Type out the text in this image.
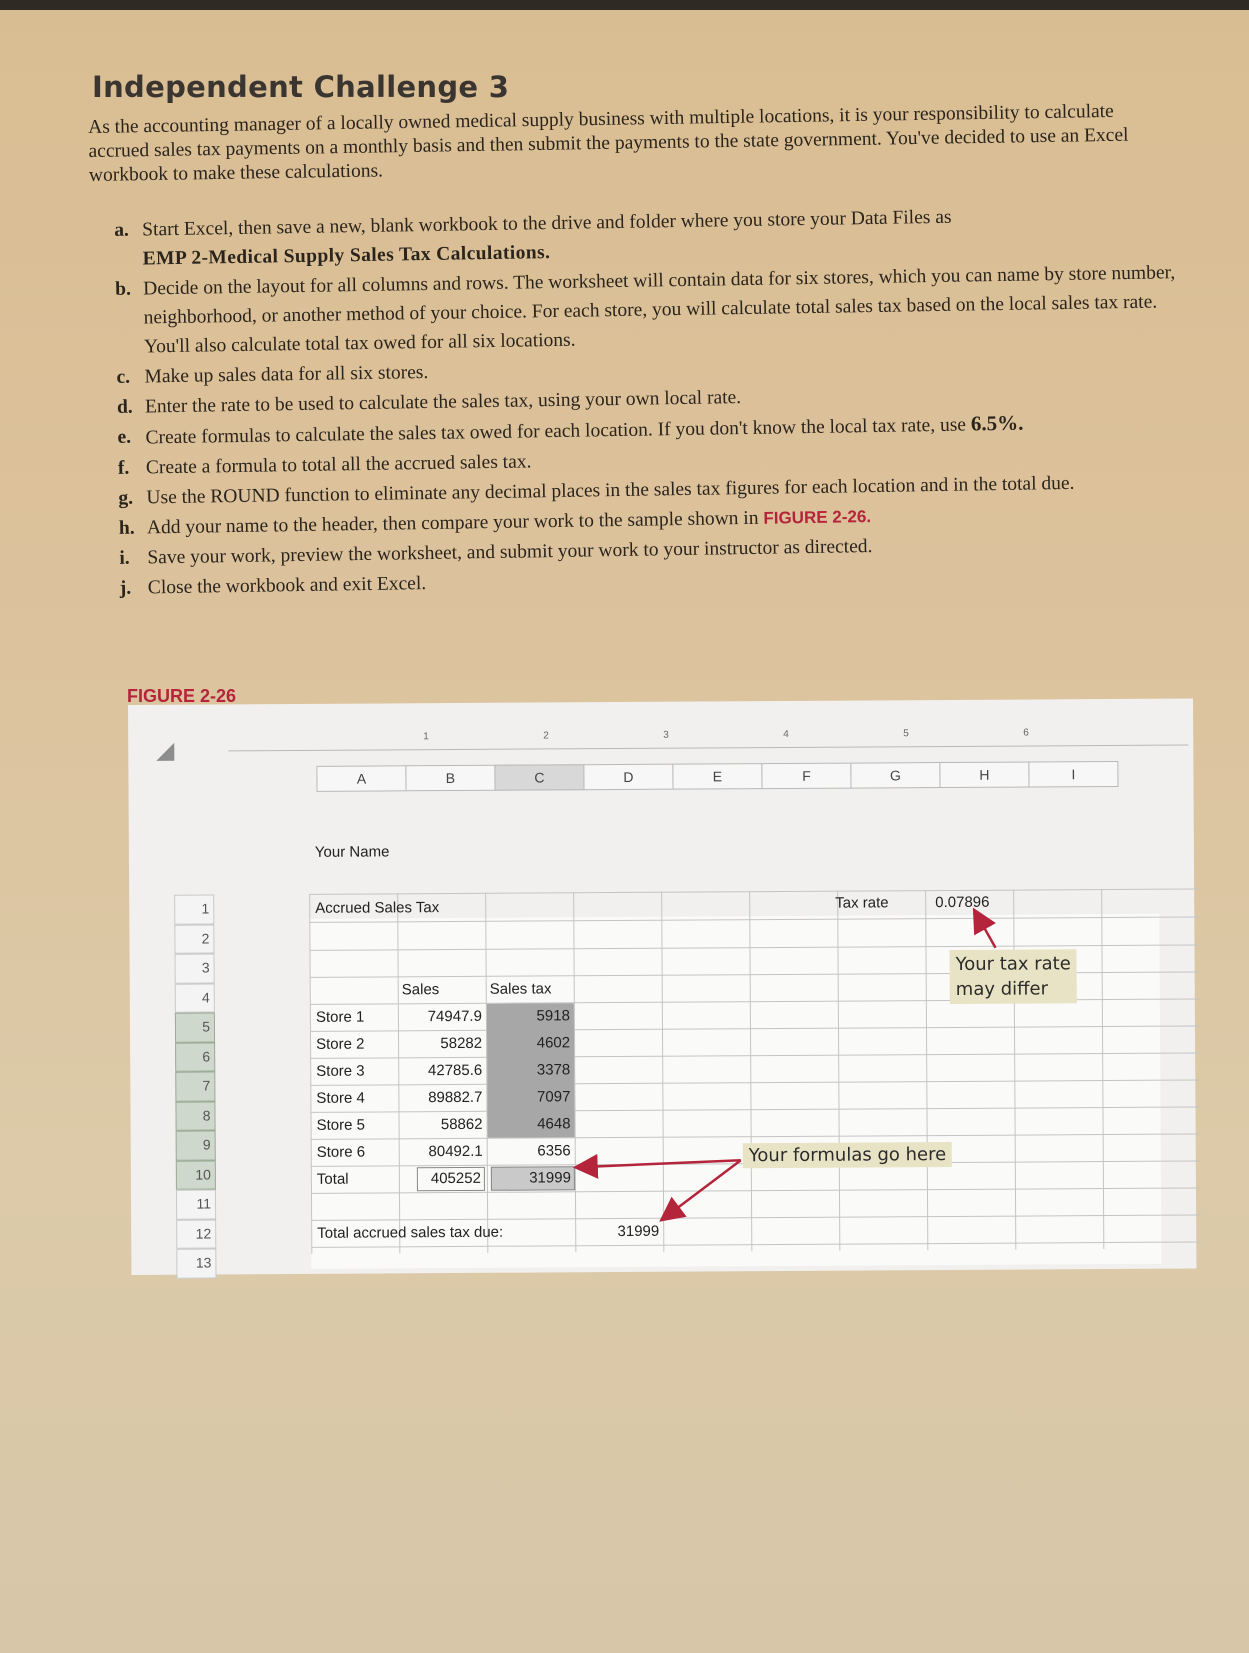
Independent Challenge 3
As the accounting manager of a locally owned medical supply business with multiple locations, it is your responsibility to calculate accrued sales tax payments on a monthly basis and then submit the payments to the state government. You've decided to use an Excel workbook to make these calculations.
a. Start Excel, then save a new, blank workbook to the drive and folder where you store your Data Files as
EMP 2-Medical Supply Sales Tax Calculations.
b. Decide on the layout for all columns and rows. The worksheet will contain data for six stores, which you can name by store number, neighborhood, or another method of your choice. For each store, you will calculate total sales tax based on the local sales tax rate. You'll also calculate total tax owed for all six locations.
c. Make up sales data for all six stores.
d. Enter the rate to be used to calculate the sales tax, using your own local rate.
e. Create formulas to calculate the sales tax owed for each location. If you don't know the local tax rate, use 6.5%.
f. Create a formula to total all the accrued sales tax.
g. Use the ROUND function to eliminate any decimal places in the sales tax figures for each location and in the total due.
h. Add your name to the header, then compare your work to the sample shown in FIGURE 2-26.
i. Save your work, preview the worksheet, and submit your work to your instructor as directed.
j. Close the workbook and exit Excel.
FIGURE 2-26
1	2	3	4	5	6
A	B	C	D	E	F	G	H	I
Your Name
1
2
3
4
5
6
7
8
9
10
11
12
13
Accrued Sales Tax	Tax rate	0.07896
Sales	Sales tax
Store 1	74947.9	5918
Store 2	58282	4602
Store 3	42785.6	3378
Store 4	89882.7	7097
Store 5	58862	4648
Store 6	80492.1	6356
Total	405252	31999
Total accrued sales tax due:	31999
Your tax rate
may differ
Your formulas go here
